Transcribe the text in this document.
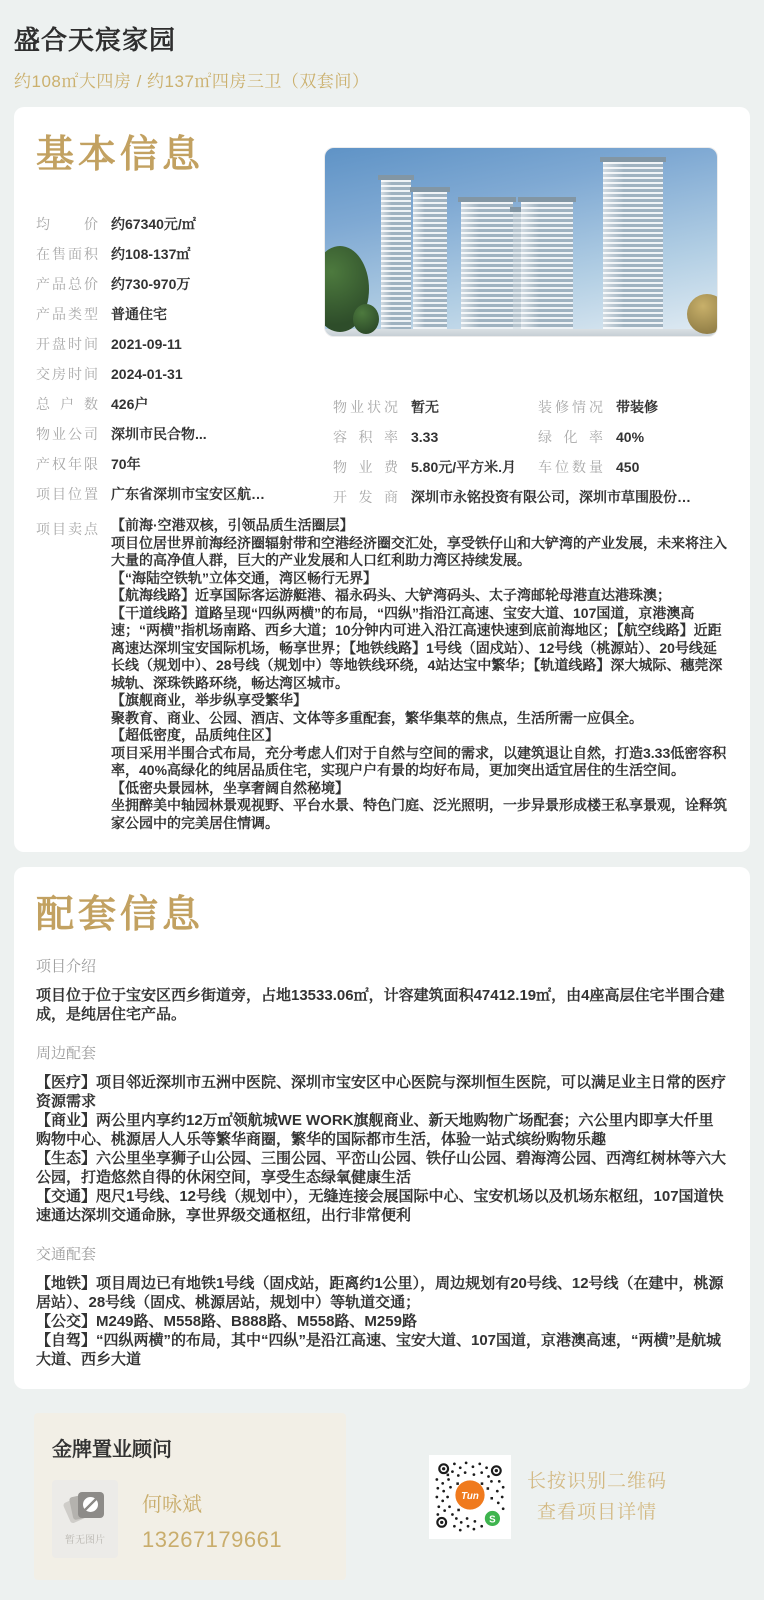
盛合天宸家园
约108㎡大四房 / 约137㎡四房三卫（双套间）
基本信息
均价 约67340元/㎡
在售面积 约108-137㎡
产品总价 约730-970万
产品类型 普通住宅
开盘时间 2021-09-11
交房时间 2024-01-31
总户数 426户
物业公司 深圳市民合物...
产权年限 70年
项目位置 广东省深圳市宝安区航…
物业状况 暂无	装修情况 带装修
容积率 3.33	绿化率 40%
物业费 5.80元/平方米.月 车位数量 450
开发商 深圳市永铭投资有限公司，深圳市草围股份…
项目卖点 【前海·空港双核，引领品质生活圈层】

项目位居世界前海经济圈辐射带和空港经济圈交汇处，享受铁仔山和大铲湾的产业发展，未来将注入大量的高净值人群，巨大的产业发展和人口红利助力湾区持续发展。

【“海陆空铁轨”立体交通，湾区畅行无界】

【航海线路】近享国际客运游艇港、福永码头、大铲湾码头、太子湾邮轮母港直达港珠澳；

【干道线路】道路呈现“四纵两横”的布局，“四纵”指沿江高速、宝安大道、107国道，京港澳高速；“两横”指机场南路、西乡大道；10分钟内可进入沿江高速快速到底前海地区；【航空线路】近距离速达深圳宝安国际机场，畅享世界；【地铁线路】1号线（固戍站）、12号线（桃源站）、20号线延长线（规划中）、28号线（规划中）等地铁线环绕，4站达宝中繁华；【轨道线路】深大城际、穗莞深城轨、深珠铁路环绕，畅达湾区城市。

【旗舰商业，举步纵享受繁华】

聚教育、商业、公园、酒店、文体等多重配套，繁华集萃的焦点，生活所需一应俱全。

【超低密度，品质纯住区】

项目采用半围合式布局，充分考虑人们对于自然与空间的需求，以建筑退让自然，打造3.33低密容积率，40%高绿化的纯居品质住宅，实现户户有景的均好布局，更加突出适宜居住的生活空间。

【低密央景园林，坐享奢阔自然秘境】

坐拥醉美中轴园林景观视野、平台水景、特色门庭、泛光照明，一步异景形成楼王私享景观，诠释筑家公园中的完美居住情调。

配套信息
项目介绍

项目位于位于宝安区西乡街道旁，占地13533.06㎡，计容建筑面积47412.19㎡，由4座高层住宅半围合建成，是纯居住宅产品。

周边配套

【医疗】项目邻近深圳市五洲中医院、深圳市宝安区中心医院与深圳恒生医院，可以满足业主日常的医疗资源需求

【商业】两公里内享约12万㎡领航城WE WORK旗舰商业、新天地购物广场配套；六公里内即享大仟里购物中心、桃源居人人乐等繁华商圈，繁华的国际都市生活，体验一站式缤纷购物乐趣

【生态】六公里坐享狮子山公园、三围公园、平峦山公园、铁仔山公园、碧海湾公园、西湾红树林等六大公园，打造悠然自得的休闲空间，享受生态绿氧健康生活

【交通】咫尺1号线、12号线（规划中），无缝连接会展国际中心、宝安机场以及机场东枢纽，107国道快速通达深圳交通命脉，享世界级交通枢纽，出行非常便利

交通配套

【地铁】项目周边已有地铁1号线（固戍站，距离约1公里），周边规划有20号线、12号线（在建中，桃源居站）、28号线（固戍、桃源居站，规划中）等轨道交通；

【公交】M249路、M558路、B888路、M558路、M259路

【自驾】“四纵两横”的布局，其中“四纵”是沿江高速、宝安大道、107国道，京港澳高速，“两横”是航城大道、西乡大道

金牌置业顾问
暂无图片
何咏斌
13267179661
Tun
S
长按识别二维码
查看项目详情
